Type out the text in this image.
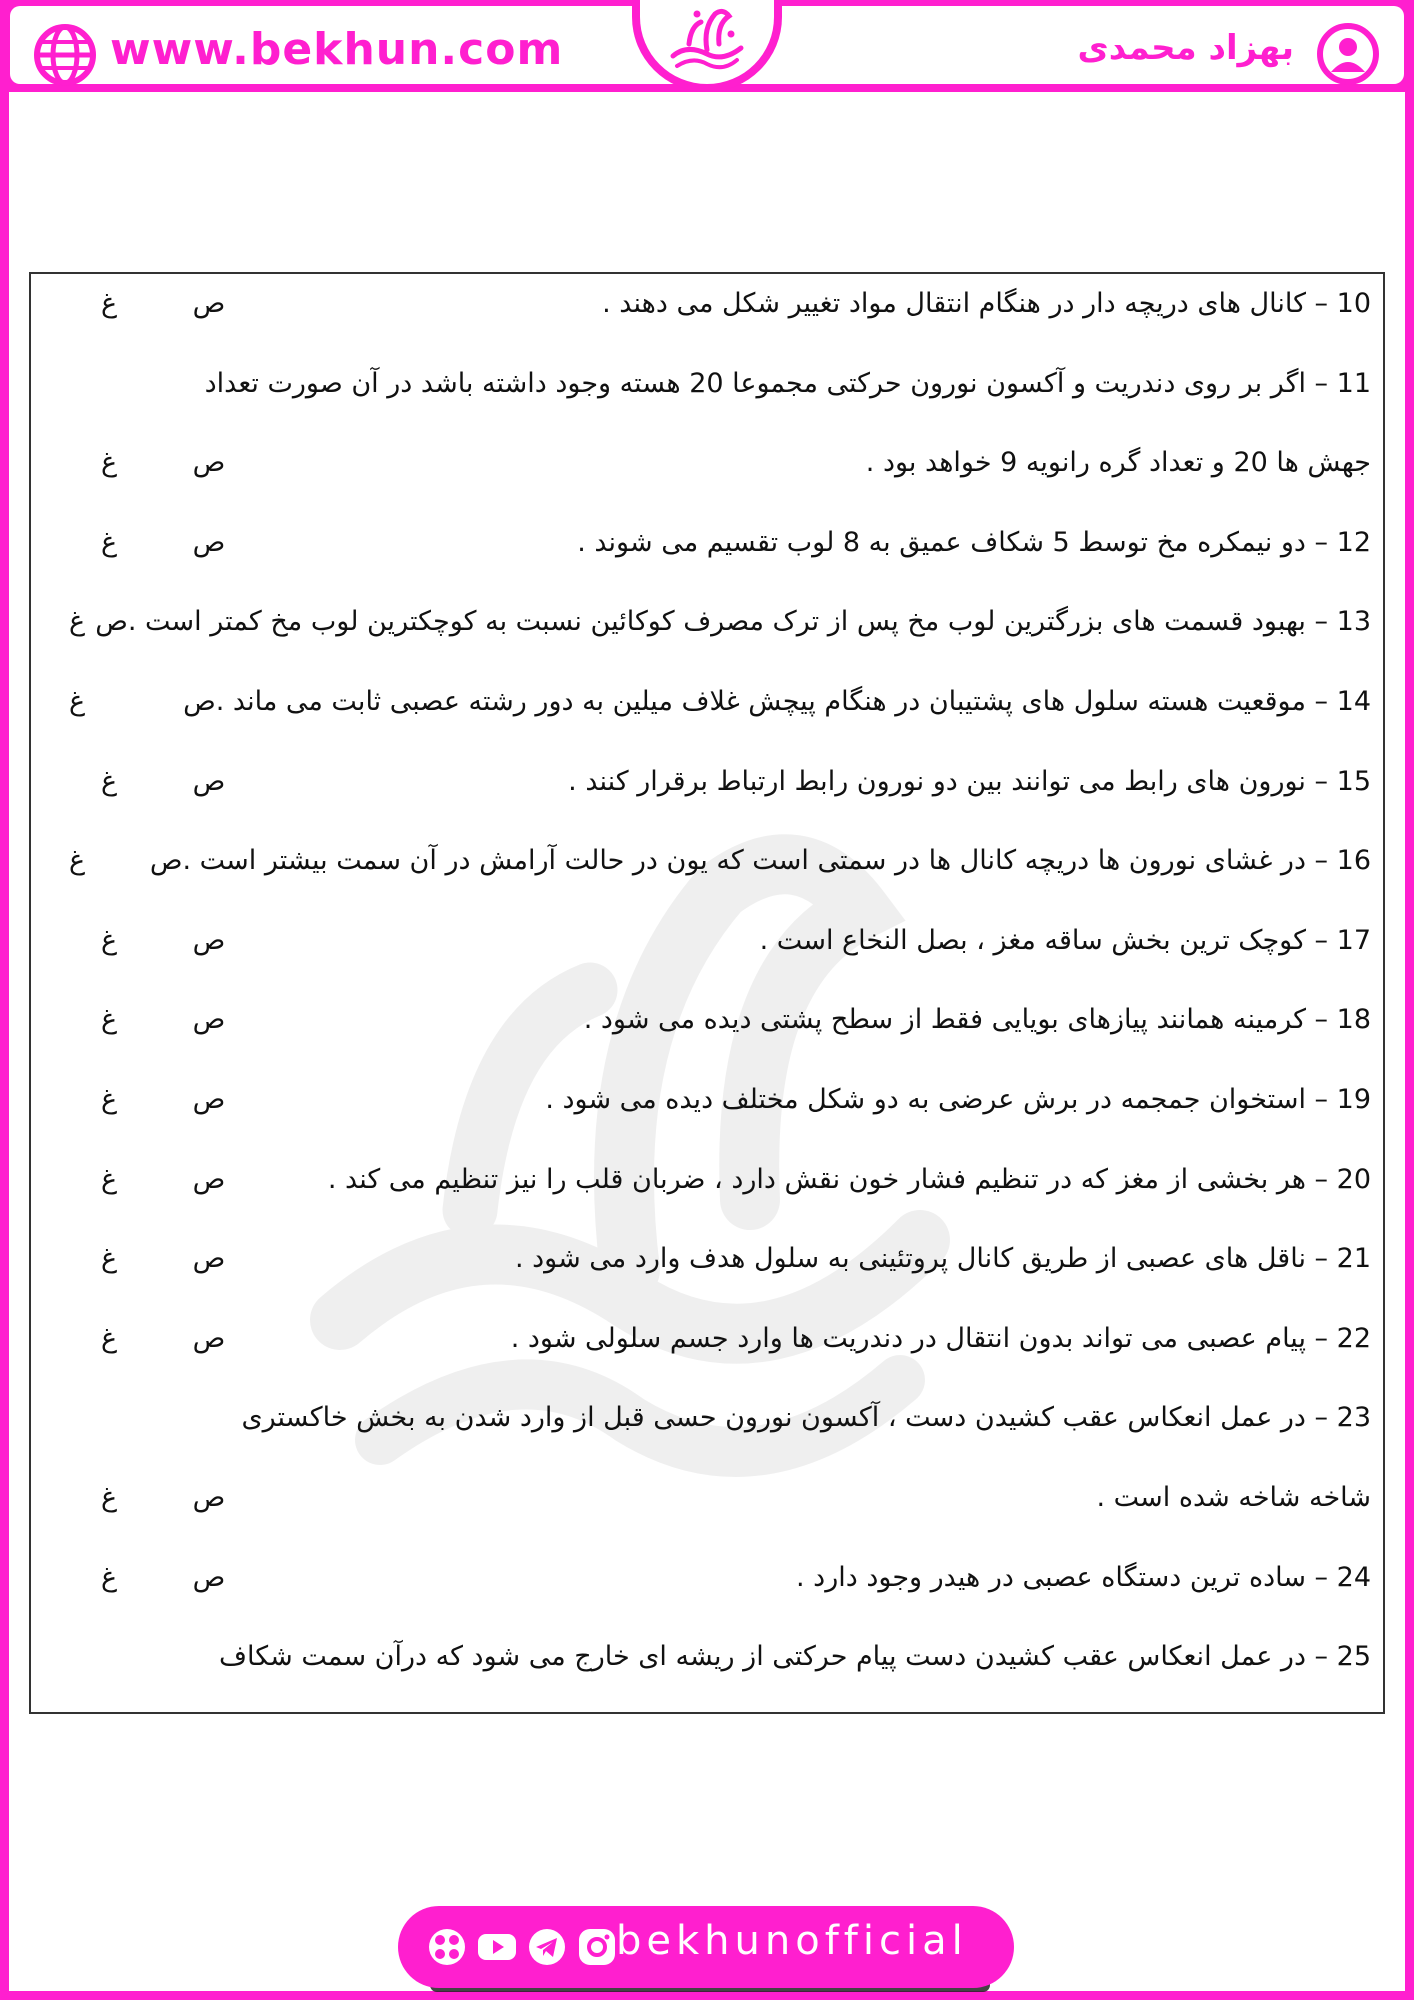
www.bekhun.com	بهزاد محمدی
10 – کانال های دریچه دار در هنگام انتقال مواد تغییر شکل می دهند .
ص
غ
11 – اگر بر روی دندریت و آکسون نورون حرکتی مجموعا 20 هسته وجود داشته باشد در آن صورت تعداد
جهش ها 20 و تعداد گره رانویه 9 خواهد بود .
ص
غ
12 – دو نیمکره مخ توسط 5 شکاف عمیق به 8 لوب تقسیم می شوند .
ص
غ
13 – بهبود قسمت های بزرگترین لوب مخ پس از ترک مصرف کوکائین نسبت به کوچکترین لوب مخ کمتر است .ص
غ
14 – موقعیت هسته سلول های پشتیبان در هنگام پیچش غلاف میلین به دور رشته عصبی ثابت می ماند .ص
غ
15 – نورون های رابط می توانند بین دو نورون رابط ارتباط برقرار کنند .
ص
غ
16 – در غشای نورون ها دریچه کانال ها در سمتی است که یون در حالت آرامش در آن سمت بیشتر است .ص
غ
17 – کوچک ترین بخش ساقه مغز ، بصل النخاع است .
ص
غ
18 – کرمینه همانند پیازهای بویایی فقط از سطح پشتی دیده می شود .
ص
غ
19 – استخوان جمجمه در برش عرضی به دو شکل مختلف دیده می شود .
ص
غ
20 – هر بخشی از مغز که در تنظیم فشار خون نقش دارد ، ضربان قلب را نیز تنظیم می کند .
ص
غ
21 – ناقل های عصبی از طریق کانال پروتئینی به سلول هدف وارد می شود .
ص
غ
22 – پیام عصبی می تواند بدون انتقال در دندریت ها وارد جسم سلولی شود .
ص
غ
23 – در عمل انعکاس عقب کشیدن دست ، آکسون نورون حسی قبل از وارد شدن به بخش خاکستری
شاخه شاخه شده است .
ص
غ
24 – ساده ترین دستگاه عصبی در هیدر وجود دارد .
ص
غ
25 – در عمل انعکاس عقب کشیدن دست پیام حرکتی از ریشه ای خارج می شود که درآن سمت شکاف
bekhunofficial
